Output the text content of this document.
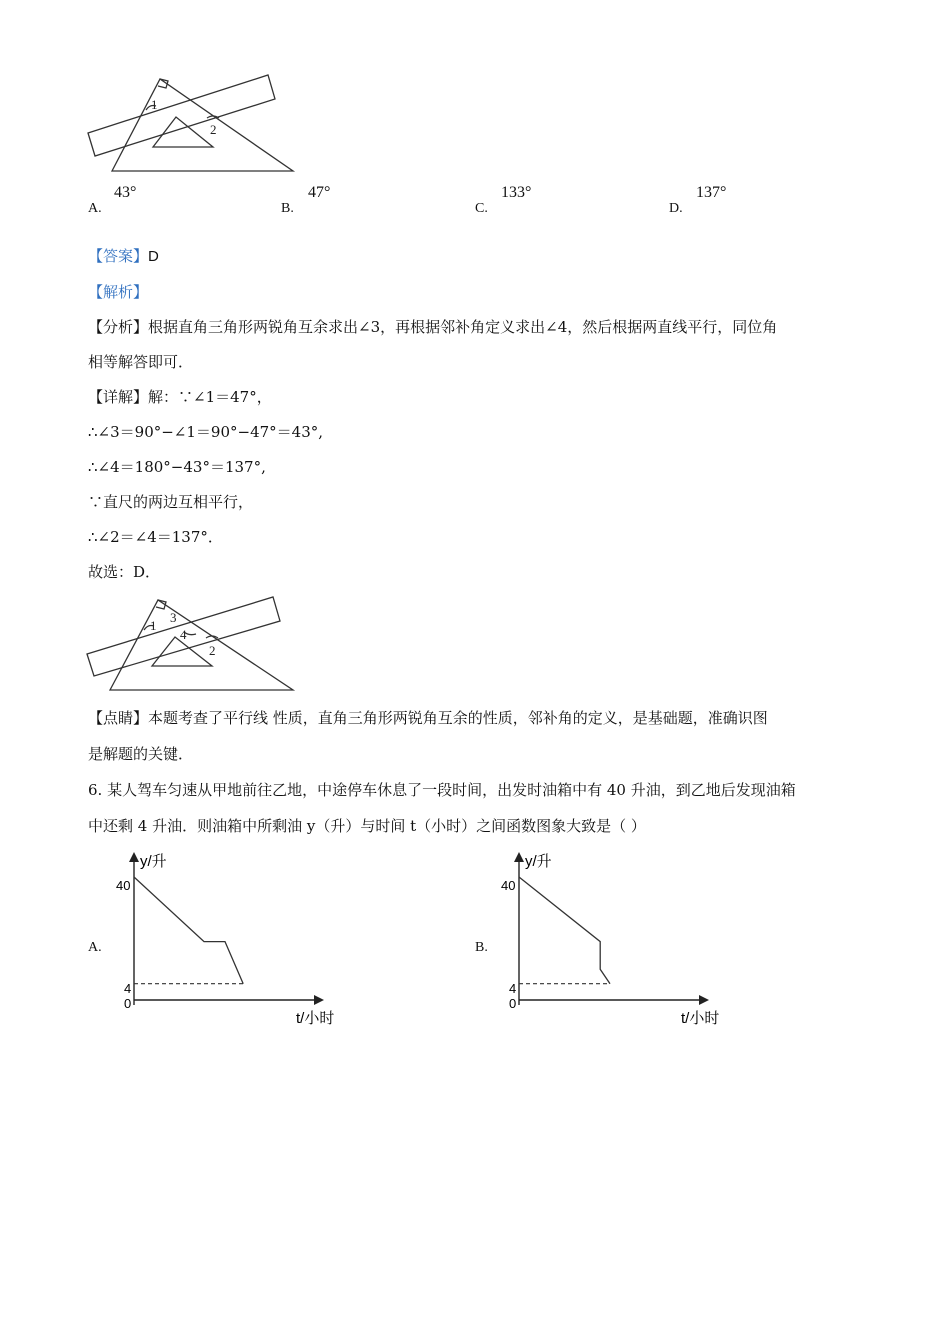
1
2
43°
A.
47°
B.
133°
C.
137°
D.
【答案】D
【解析】
【分析】根据直角三角形两锐角互余求出∠3，再根据邻补角定义求出∠4，然后根据两直线平行，同位角
相等解答即可．
【详解】解：∵∠1＝47°，
∴∠3＝90°−∠1＝90°−47°＝43°,
∴∠4＝180°−43°＝137°,
∵直尺的两边互相平行，
∴∠2＝∠4＝137°．
故选：D．
1
3
4
2
【点睛】本题考查了平行线 性质，直角三角形两锐角互余的性质，邻补角的定义，是基础题，准确识图
是解题的关键．
6. 某人驾车匀速从甲地前往乙地，中途停车休息了一段时间，出发时油箱中有 40 升油，到乙地后发现油箱
中还剩 4 升油．则油箱中所剩油 y（升）与时间 t（小时）之间函数图象大致是（ ）
A.
y/升
t/小时
40
4
0
B.
y/升
t/小时
40
4
0
